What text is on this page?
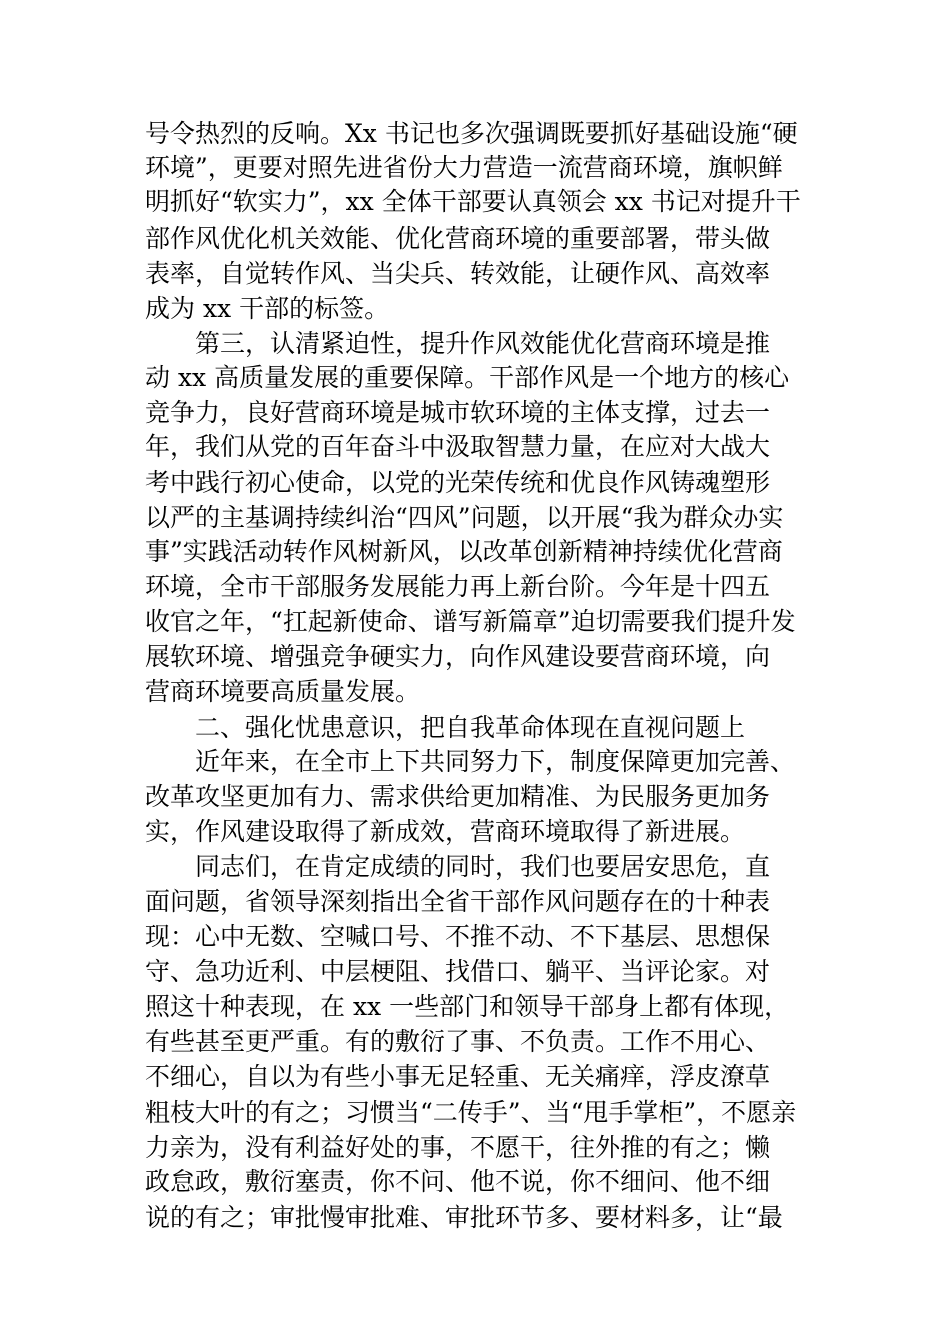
号令热烈的反响。Xx 书记也多次强调既要抓好基础设施“硬
环境”，更要对照先进省份大力营造一流营商环境，旗帜鲜
明抓好“软实力”，xx 全体干部要认真领会 xx 书记对提升干
部作风优化机关效能、优化营商环境的重要部署，带头做
表率，自觉转作风、当尖兵、转效能，让硬作风、高效率
成为 xx 干部的标签。
第三，认清紧迫性，提升作风效能优化营商环境是推
动 xx 高质量发展的重要保障。干部作风是一个地方的核心
竞争力，良好营商环境是城市软环境的主体支撑，过去一
年，我们从党的百年奋斗中汲取智慧力量，在应对大战大
考中践行初心使命，以党的光荣传统和优良作风铸魂塑形
以严的主基调持续纠治“四风”问题，以开展“我为群众办实
事”实践活动转作风树新风，以改革创新精神持续优化营商
环境，全市干部服务发展能力再上新台阶。今年是十四五
收官之年，“扛起新使命、谱写新篇章”迫切需要我们提升发
展软环境、增强竞争硬实力，向作风建设要营商环境，向
营商环境要高质量发展。
二、强化忧患意识，把自我革命体现在直视问题上
近年来，在全市上下共同努力下，制度保障更加完善、
改革攻坚更加有力、需求供给更加精准、为民服务更加务
实，作风建设取得了新成效，营商环境取得了新进展。
同志们，在肯定成绩的同时，我们也要居安思危，直
面问题，省领导深刻指出全省干部作风问题存在的十种表
现：心中无数、空喊口号、不推不动、不下基层、思想保
守、急功近利、中层梗阻、找借口、躺平、当评论家。对
照这十种表现，在 xx 一些部门和领导干部身上都有体现，
有些甚至更严重。有的敷衍了事、不负责。工作不用心、
不细心，自以为有些小事无足轻重、无关痛痒，浮皮潦草
粗枝大叶的有之；习惯当“二传手”、当“甩手掌柜”，不愿亲
力亲为，没有利益好处的事，不愿干，往外推的有之；懒
政怠政，敷衍塞责，你不问、他不说，你不细问、他不细
说的有之；审批慢审批难、审批环节多、要材料多，让“最
